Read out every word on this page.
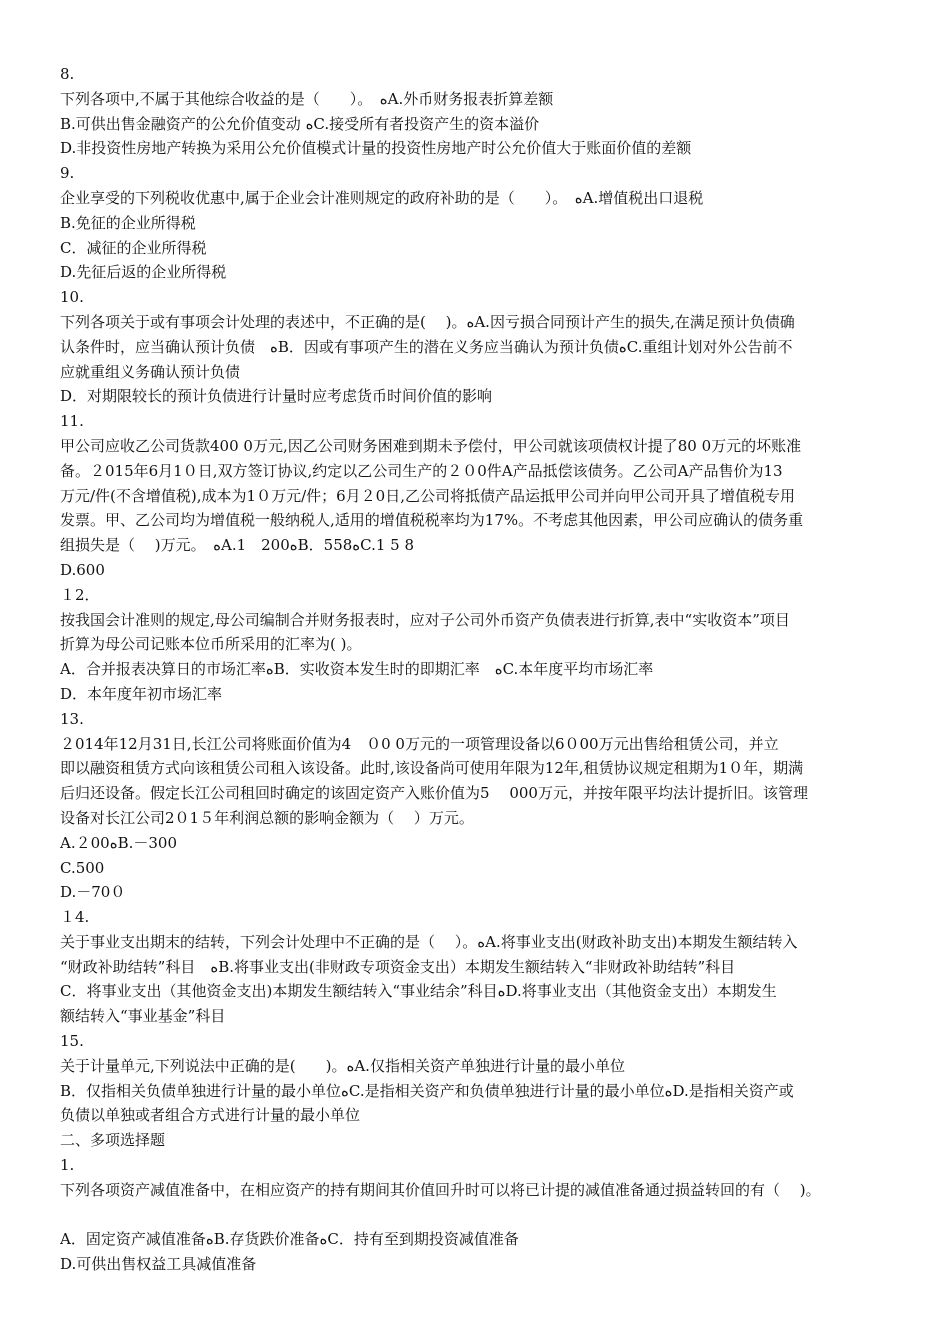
8.
下列各项中,不属于其他综合收益的是（　　）。　ﻩA.外币财务报表折算差额
B.可供出售金融资产的公允价值变动 ﻩC.接受所有者投资产生的资本溢价
D.非投资性房地产转换为采用公允价值模式计量的投资性房地产时公允价值大于账面价值的差额
9.
企业享受的下列税收优惠中,属于企业会计准则规定的政府补助的是（　　）。　ﻩA.增值税出口退税
B.免征的企业所得税
C．减征的企业所得税
D.先征后返的企业所得税
10.
下列各项关于或有事项会计处理的表述中，不正确的是(　 )。ﻩA.因亏损合同预计产生的损失,在满足预计负债确
认条件时，应当确认预计负债　ﻩB．因或有事项产生的潜在义务应当确认为预计负债ﻩC.重组计划对外公告前不
应就重组义务确认预计负债
D．对期限较长的预计负债进行计量时应考虑货币时间价值的影响
11.
甲公司应收乙公司货款400 0万元,因乙公司财务困难到期未予偿付，甲公司就该项债权计提了80 0万元的坏账准
备。２015年6月1０日,双方签订协议,约定以乙公司生产的２０0件A产品抵偿该债务。乙公司A产品售价为13
万元/件(不含增值税),成本为1０万元/件；6月２0日,乙公司将抵债产品运抵甲公司并向甲公司开具了增值税专用
发票。甲、乙公司均为增值税一般纳税人,适用的增值税税率均为17%。不考虑其他因素，甲公司应确认的债务重
组损失是（　 )万元。　ﻩA.1　200ﻩB．558ﻩC.1 5 8
D.600
１2．
按我国会计准则的规定,母公司编制合并财务报表时，应对子公司外币资产负债表进行折算,表中“实收资本”项目
折算为母公司记账本位币所采用的汇率为( )。
A．合并报表决算日的市场汇率ﻩB．实收资本发生时的即期汇率　ﻩC.本年度平均市场汇率
D．本年度年初市场汇率
13.
２014年12月31日,长江公司将账面价值为4　０0 0万元的一项管理设备以6０00万元出售给租赁公司，并立
即以融资租赁方式向该租赁公司租入该设备。此时,该设备尚可使用年限为12年,租赁协议规定租期为1０年，期满
后归还设备。假定长江公司租回时确定的该固定资产入账价值为5　 000万元，并按年限平均法计提折旧。该管理
设备对长江公司2０1５年利润总额的影响金额为（　 ）万元。
A.２00ﻩB.－300
C.500
D.－70０
１4.
关于事业支出期末的结转，下列会计处理中不正确的是（　 ）。ﻩA.将事业支出(财政补助支出)本期发生额结转入
“财政补助结转”科目　ﻩB.将事业支出(非财政专项资金支出）本期发生额结转入“非财政补助结转”科目
C．将事业支出（其他资金支出)本期发生额结转入“事业结余”科目ﻩD.将事业支出（其他资金支出）本期发生
额结转入“事业基金”科目
15.
关于计量单元,下列说法中正确的是(　　)。ﻩA.仅指相关资产单独进行计量的最小单位
B．仅指相关负债单独进行计量的最小单位ﻩC.是指相关资产和负债单独进行计量的最小单位ﻩD.是指相关资产或
负债以单独或者组合方式进行计量的最小单位
二、多项选择题
1.
下列各项资产减值准备中，在相应资产的持有期间其价值回升时可以将已计提的减值准备通过损益转回的有（　 )。
A．固定资产减值准备ﻩB.存货跌价准备ﻩC．持有至到期投资减值准备
D.可供出售权益工具减值准备
